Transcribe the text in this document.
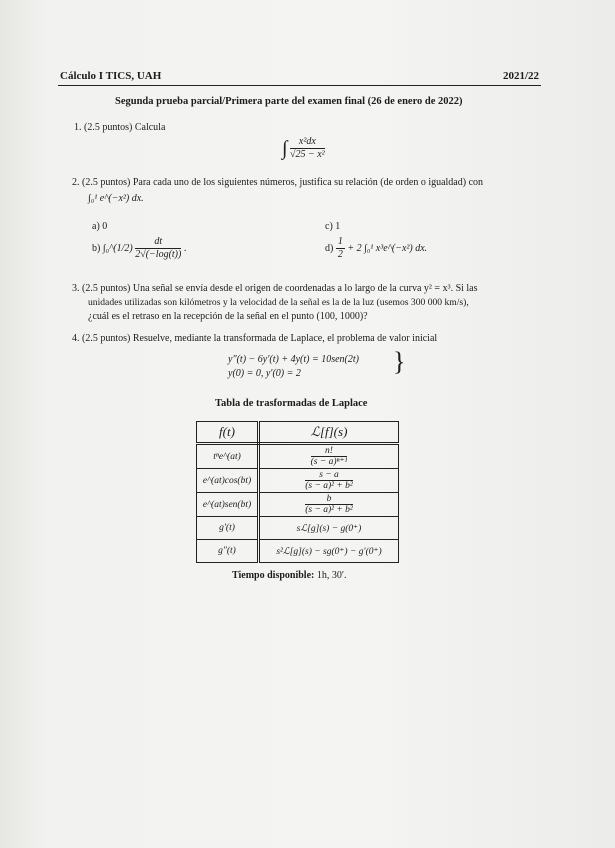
Cálculo I TICS, UAH	2021/22
Segunda prueba parcial/Primera parte del examen final (26 de enero de 2022)
1. (2.5 puntos) Calcula
∫ $\frac{\text{x²dx}}{\text{√25 − x²}}$
2. (2.5 puntos) Para cada uno de los siguientes números, justifica su relación (de orden o igualdad) con
∫₀¹ e^(−x²) dx.
a) 0
b) ∫₀^(1/2) $\frac{dt}{2√(-\log(t))}$ .
c) 1
$d) \frac{1}{2} + 2$ ∫₀¹ x³e^(−x²) dx.
3. (2.5 puntos) Una señal se envía desde el origen de coordenadas a lo largo de la curva y² = x³. Si las
unidades utilizadas son kilómetros y la velocidad de la señal es la de la luz (usemos 300 000 km/s),
¿cuál es el retraso en la recepción de la señal en el punto (100, 1000)?
4. (2.5 puntos) Resuelve, mediante la transformada de Laplace, el problema de valor inicial
y″(t) − 6y′(t) + 4y(t) = 10sen(2t)
y(0) = 0, y′(0) = 2	}
Tabla de trasformadas de Laplace
f(t)	ℒ[f](s)
tⁿe^(at)	$\frac{n!}{\text{(s − a)ⁿ⁺¹}}$

e^(at)cos(bt)	$\frac{s - a}{\text{(s − a)² + b²}}$

e^(at)sen(bt)	$\frac{b}{\text{(s − a)² + b²}}$

g′(t)	sℒ[g](s) − g(0⁺)
g″(t)	s²ℒ[g](s) − sg(0⁺) − g′(0⁺)
Tiempo disponible: 1h, 30′.
